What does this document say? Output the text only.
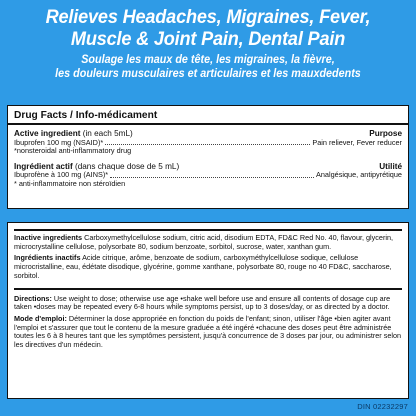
Relieves Headaches, Migraines, Fever,
Muscle & Joint Pain, Dental Pain
Soulage les maux de tête, les migraines, la fièvre,
les douleurs musculaires et articulaires et les mauxdedents
Drug Facts / Info-médicament
Active ingredient (in each 5mL)	Purpose
Ibuprofen 100 mg (NSAID)*	Pain reliever, Fever reducer
*nonsteroidal anti-inflammatory drug
Ingrédient actif (dans chaque dose de 5 mL)	Utilité
Ibuprofène à 100 mg (AINS)*	Analgésique, antipyrétique
* anti-inflammatoire non stéroïdien
Inactive ingredients Carboxymethylcellulose sodium, citric acid, disodium EDTA, FD&C Red No. 40, flavour, glycerin, microcrystalline cellulose, polysorbate 80, sodium benzoate, sorbitol, sucrose, water, xanthan gum.
Ingrédients inactifs Acide citrique, arôme, benzoate de sodium, carboxyméthylcellulose sodique, cellulose microcristalline, eau, édétate disodique, glycérine, gomme xanthane, polysorbate 80, rouge no 40 FD&C, saccharose, sorbitol.
Directions: Use weight to dose; otherwise use age •shake well before use and ensure all contents of dosage cup are taken •doses may be repeated every 6-8 hours while symptoms persist, up to 3 doses/day, or as directed by a doctor.
Mode d'emploi: Déterminer la dose appropriée en fonction du poids de l'enfant; sinon, utiliser l'âge •bien agiter avant l'emploi et s'assurer que tout le contenu de la mesure graduée a été ingéré •chacune des doses peut être administrée toutes les 6 à 8 heures tant que les symptômes persistent, jusqu'à concurrence de 3 doses par jour, ou administrer selon les directives d'un médecin.
DIN 02232297
